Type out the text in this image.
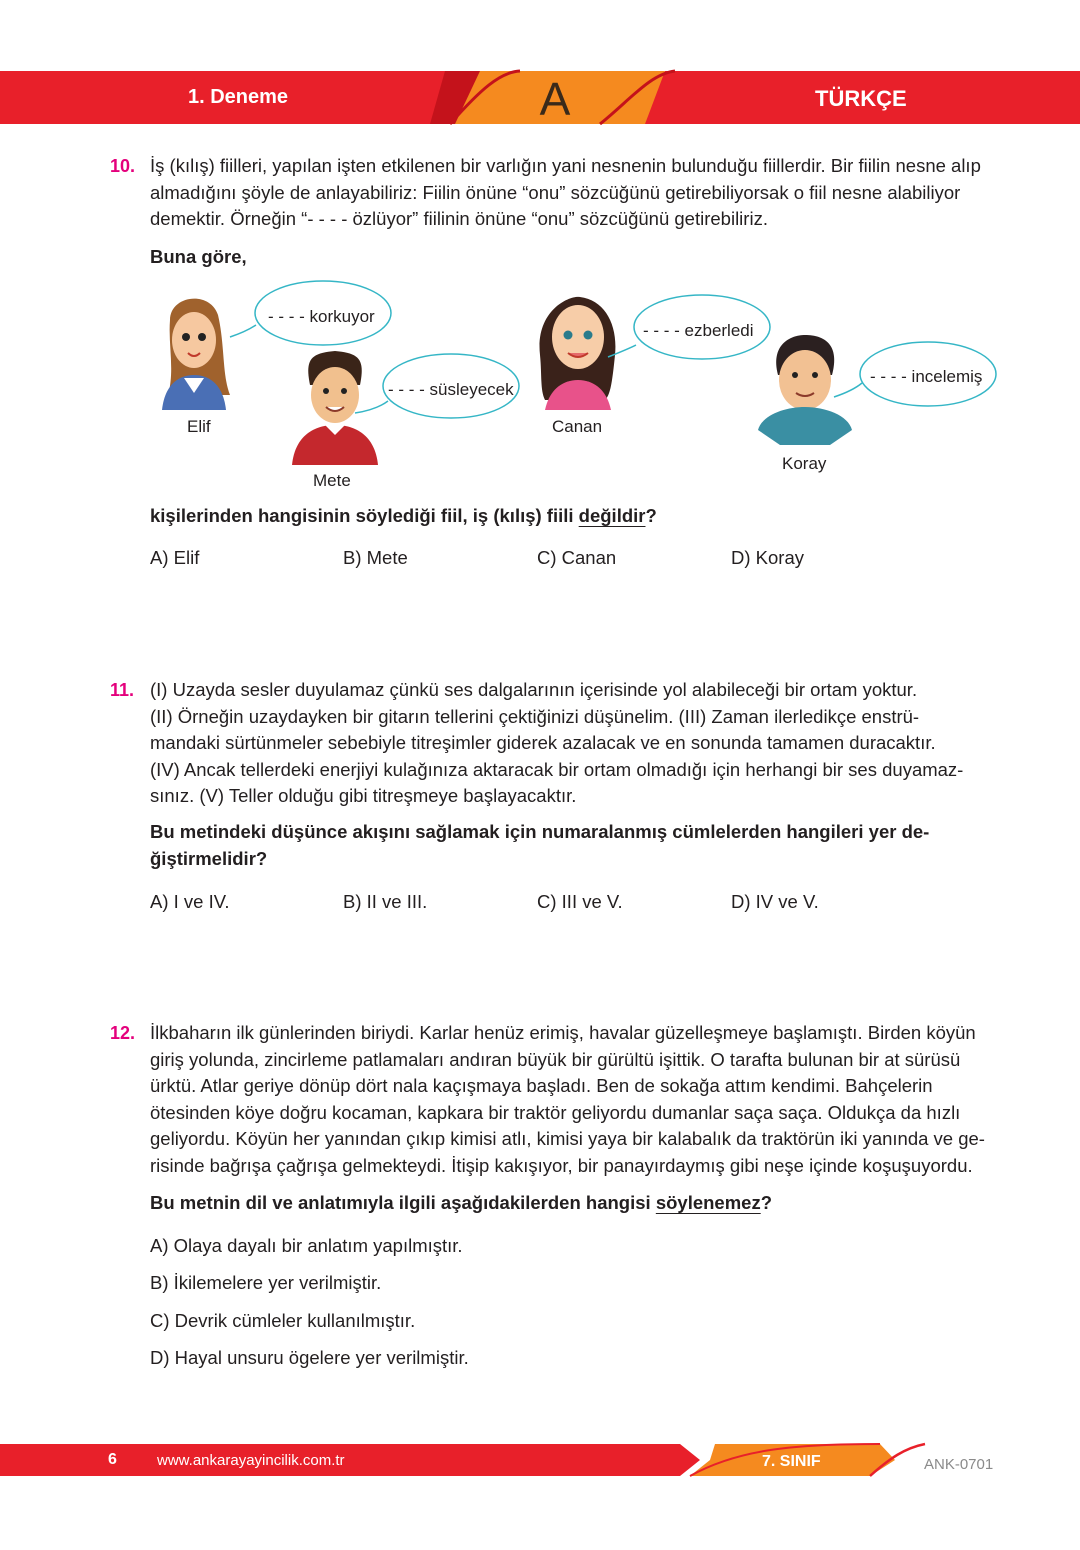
1. Deneme	A	TÜRKÇE
10. İş (kılış) fiilleri, yapılan işten etkilenen bir varlığın yani nesnenin bulunduğu fiillerdir. Bir fiilin nesne alıp
almadığını şöyle de anlayabiliriz: Fiilin önüne “onu” sözcüğünü getirebiliyorsak o fiil nesne alabiliyor
demektir. Örneğin “- - - - özlüyor” fiilinin önüne “onu” sözcüğünü getirebiliriz.
Buna göre,
- - - - korkuyor
- - - - süsleyecek
- - - - ezberledi
- - - - incelemiş
Elif
Mete
Canan
Koray
kişilerinden hangisinin söylediği fiil, iş (kılış) fiili değildir?
A) Elif	B) Mete	C) Canan	D) Koray
11. (I) Uzayda sesler duyulamaz çünkü ses dalgalarının içerisinde yol alabileceği bir ortam yoktur.
(II) Örneğin uzaydayken bir gitarın tellerini çektiğinizi düşünelim. (III) Zaman ilerledikçe enstrü-
mandaki sürtünmeler sebebiyle titreşimler giderek azalacak ve en sonunda tamamen duracaktır.
(IV) Ancak tellerdeki enerjiyi kulağınıza aktaracak bir ortam olmadığı için herhangi bir ses duyamaz-
sınız. (V) Teller olduğu gibi titreşmeye başlayacaktır.
Bu metindeki düşünce akışını sağlamak için numaralanmış cümlelerden hangileri yer de-
ğiştirmelidir?
A) I ve IV.	B) II ve III.	C) III ve V.	D) IV ve V.
12. İlkbaharın ilk günlerinden biriydi. Karlar henüz erimiş, havalar güzelleşmeye başlamıştı. Birden köyün
giriş yolunda, zincirleme patlamaları andıran büyük bir gürültü işittik. O tarafta bulunan bir at sürüsü
ürktü. Atlar geriye dönüp dört nala kaçışmaya başladı. Ben de sokağa attım kendimi. Bahçelerin
ötesinden köye doğru kocaman, kapkara bir traktör geliyordu dumanlar saça saça. Oldukça da hızlı
geliyordu. Köyün her yanından çıkıp kimisi atlı, kimisi yaya bir kalabalık da traktörün iki yanında ve ge-
risinde bağrışa çağrışa gelmekteydi. İtişip kakışıyor, bir panayırdaymış gibi neşe içinde koşuşuyordu.
Bu metnin dil ve anlatımıyla ilgili aşağıdakilerden hangisi söylenemez?
A) Olaya dayalı bir anlatım yapılmıştır.
B) İkilemelere yer verilmiştir.
C) Devrik cümleler kullanılmıştır.
D) Hayal unsuru ögelere yer verilmiştir.
6	www.ankarayayincilik.com.tr	7. SINIF	ANK-0701
